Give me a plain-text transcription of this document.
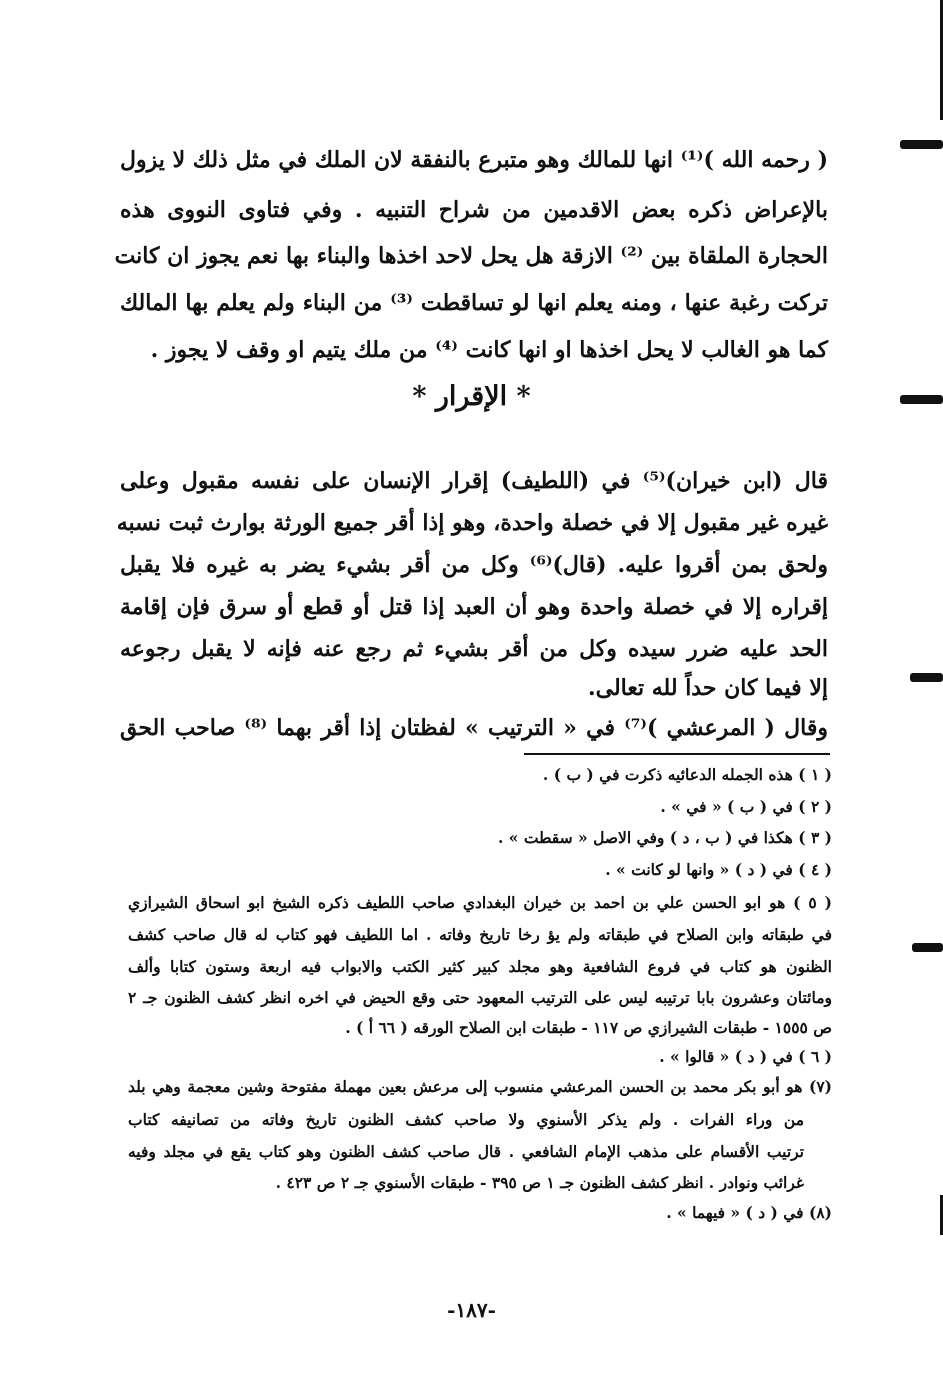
( رحمه الله )⁽¹⁾ انها للمالك وهو متبرع بالنفقة لان الملك في مثل ذلك لا يزول
بالإعراض ذكره بعض الاقدمين من شراح التنبيه . وفي فتاوى النووى هذه
الحجارة الملقاة بين ⁽²⁾ الازقة هل يحل لاحد اخذها والبناء بها نعم يجوز ان كانت
تركت رغبة عنها ، ومنه يعلم انها لو تساقطت ⁽³⁾ من البناء ولم يعلم بها المالك
كما هو الغالب لا يحل اخذها او انها كانت ⁽⁴⁾ من ملك يتيم او وقف لا يجوز .
* الإقرار *
قال (ابن خيران)⁽⁵⁾ في (اللطيف) إقرار الإنسان على نفسه مقبول وعلى
غيره غير مقبول إلا في خصلة واحدة، وهو إذا أقر جميع الورثة بوارث ثبت نسبه
ولحق بمن أقروا عليه. (قال)⁽⁶⁾ وكل من أقر بشيء يضر به غيره فلا يقبل
إقراره إلا في خصلة واحدة وهو أن العبد إذا قتل أو قطع أو سرق فإن إقامة
الحد عليه ضرر سيده وكل من أقر بشيء ثم رجع عنه فإنه لا يقبل رجوعه
إلا فيما كان حداً لله تعالى.
وقال ( المرعشي )⁽⁷⁾ في « الترتيب » لفظتان إذا أقر بهما ⁽⁸⁾ صاحب الحق
( ١ ) هذه الجمله الدعائيه ذكرت في ( ب ) .
( ٢ ) في ( ب ) « في » .
( ٣ ) هكذا في ( ب ، د ) وفي الاصل « سقطت » .
( ٤ ) في ( د ) « وانها لو كانت » .
( ٥ ) هو ابو الحسن علي بن احمد بن خيران البغدادي صاحب اللطيف ذكره الشيخ ابو اسحاق الشيرازي
في طبقاته وابن الصلاح في طبقاته ولم يؤ رخا تاريخ وفاته . اما اللطيف فهو كتاب له قال صاحب كشف
الظنون هو كتاب في فروع الشافعية وهو مجلد كبير كثير الكتب والابواب فيه اربعة وستون كتابا وألف
ومائتان وعشرون بابا ترتيبه ليس على الترتيب المعهود حتى وقع الحيض في اخره انظر كشف الظنون جـ ٢
ص ١٥٥٥ - طبقات الشيرازي ص ١١٧ - طبقات ابن الصلاح الورقه ( ٦٦ أ ) .
( ٦ ) في ( د ) « قالوا » .
(٧) هو أبو بكر محمد بن الحسن المرعشي منسوب إلى مرعش بعين مهملة مفتوحة وشين معجمة وهي بلد
من وراء الفرات . ولم يذكر الأسنوي ولا صاحب كشف الظنون تاريخ وفاته من تصانيفه كتاب
ترتيب الأقسام على مذهب الإمام الشافعي . قال صاحب كشف الظنون وهو كتاب يقع في مجلد وفيه
غرائب ونوادر . انظر كشف الظنون جـ ١ ص ٣٩٥ - طبقات الأسنوي جـ ٢ ص ٤٢٣ .
(٨) في ( د ) « فيهما » .
-١٨٧-
